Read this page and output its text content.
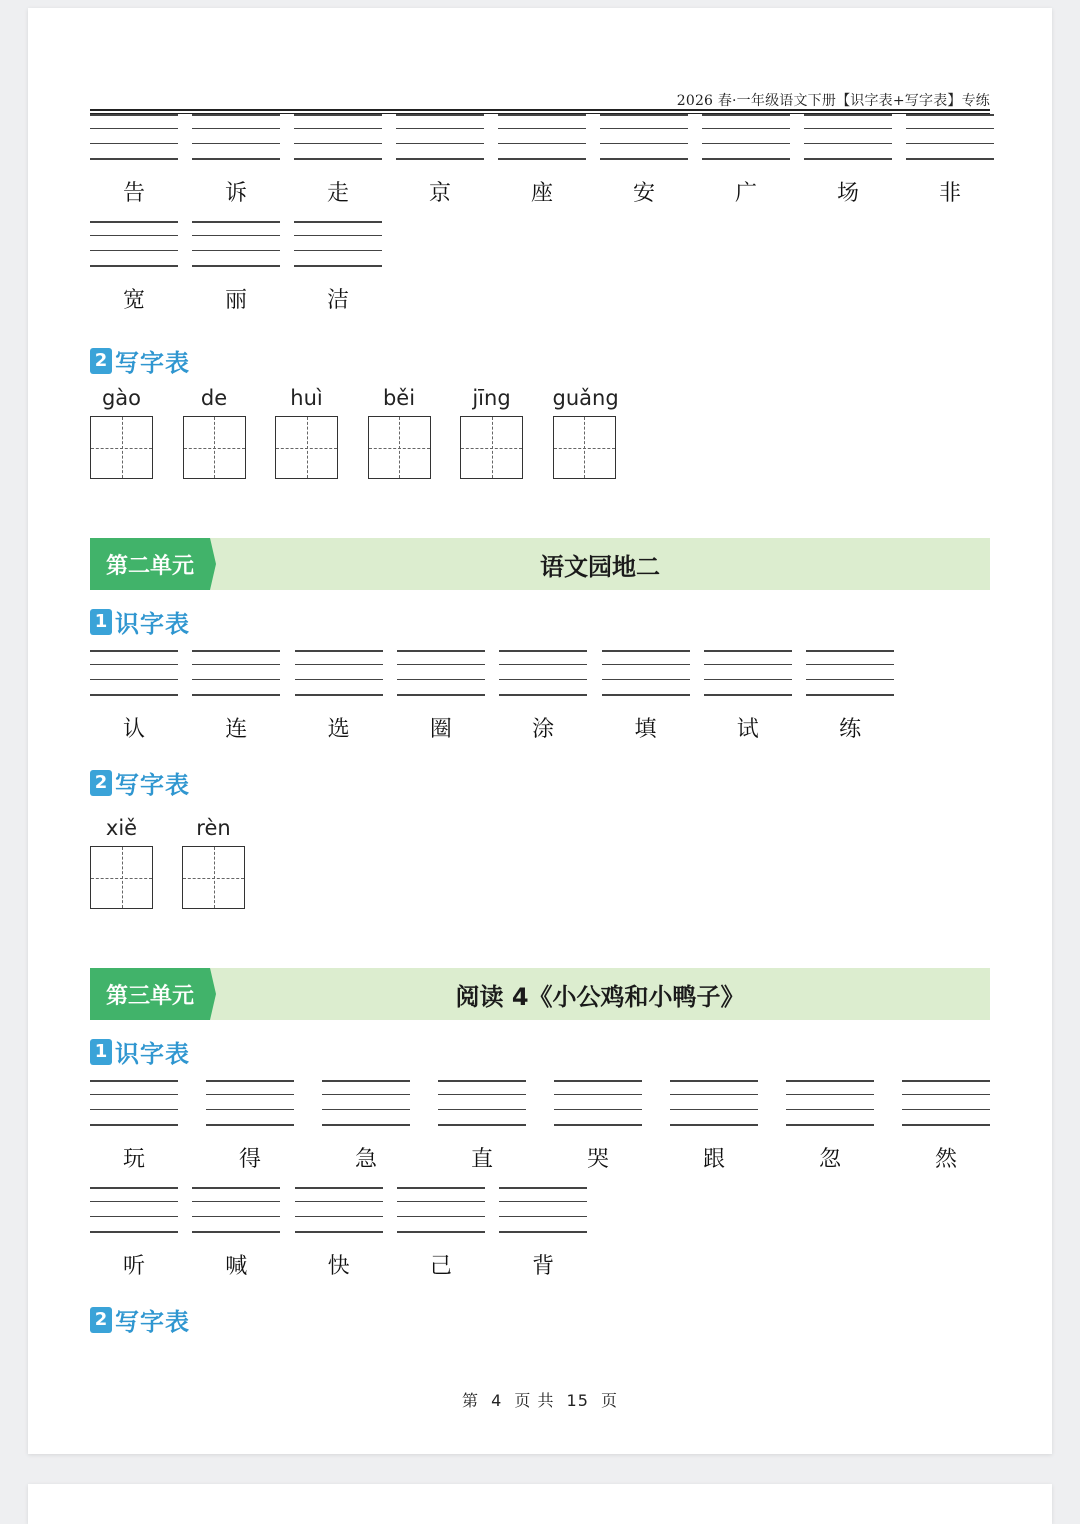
2026 春·一年级语文下册【识字表+写字表】专练
告	诉	走	京	座	安	广	场	非
宽	丽	洁
2 写字表
gào	de	huì	běi	jīng	guǎng
第二单元	语文园地二
1 识字表
认	连	选	圈	涂	填	试	练
2 写字表
xiě	rèn
第三单元	阅读 4《小公鸡和小鸭子》
1 识字表
玩	得	急	直	哭	跟	忽	然
听	喊	快	己	背
2 写字表
第 4 页 共 15 页
